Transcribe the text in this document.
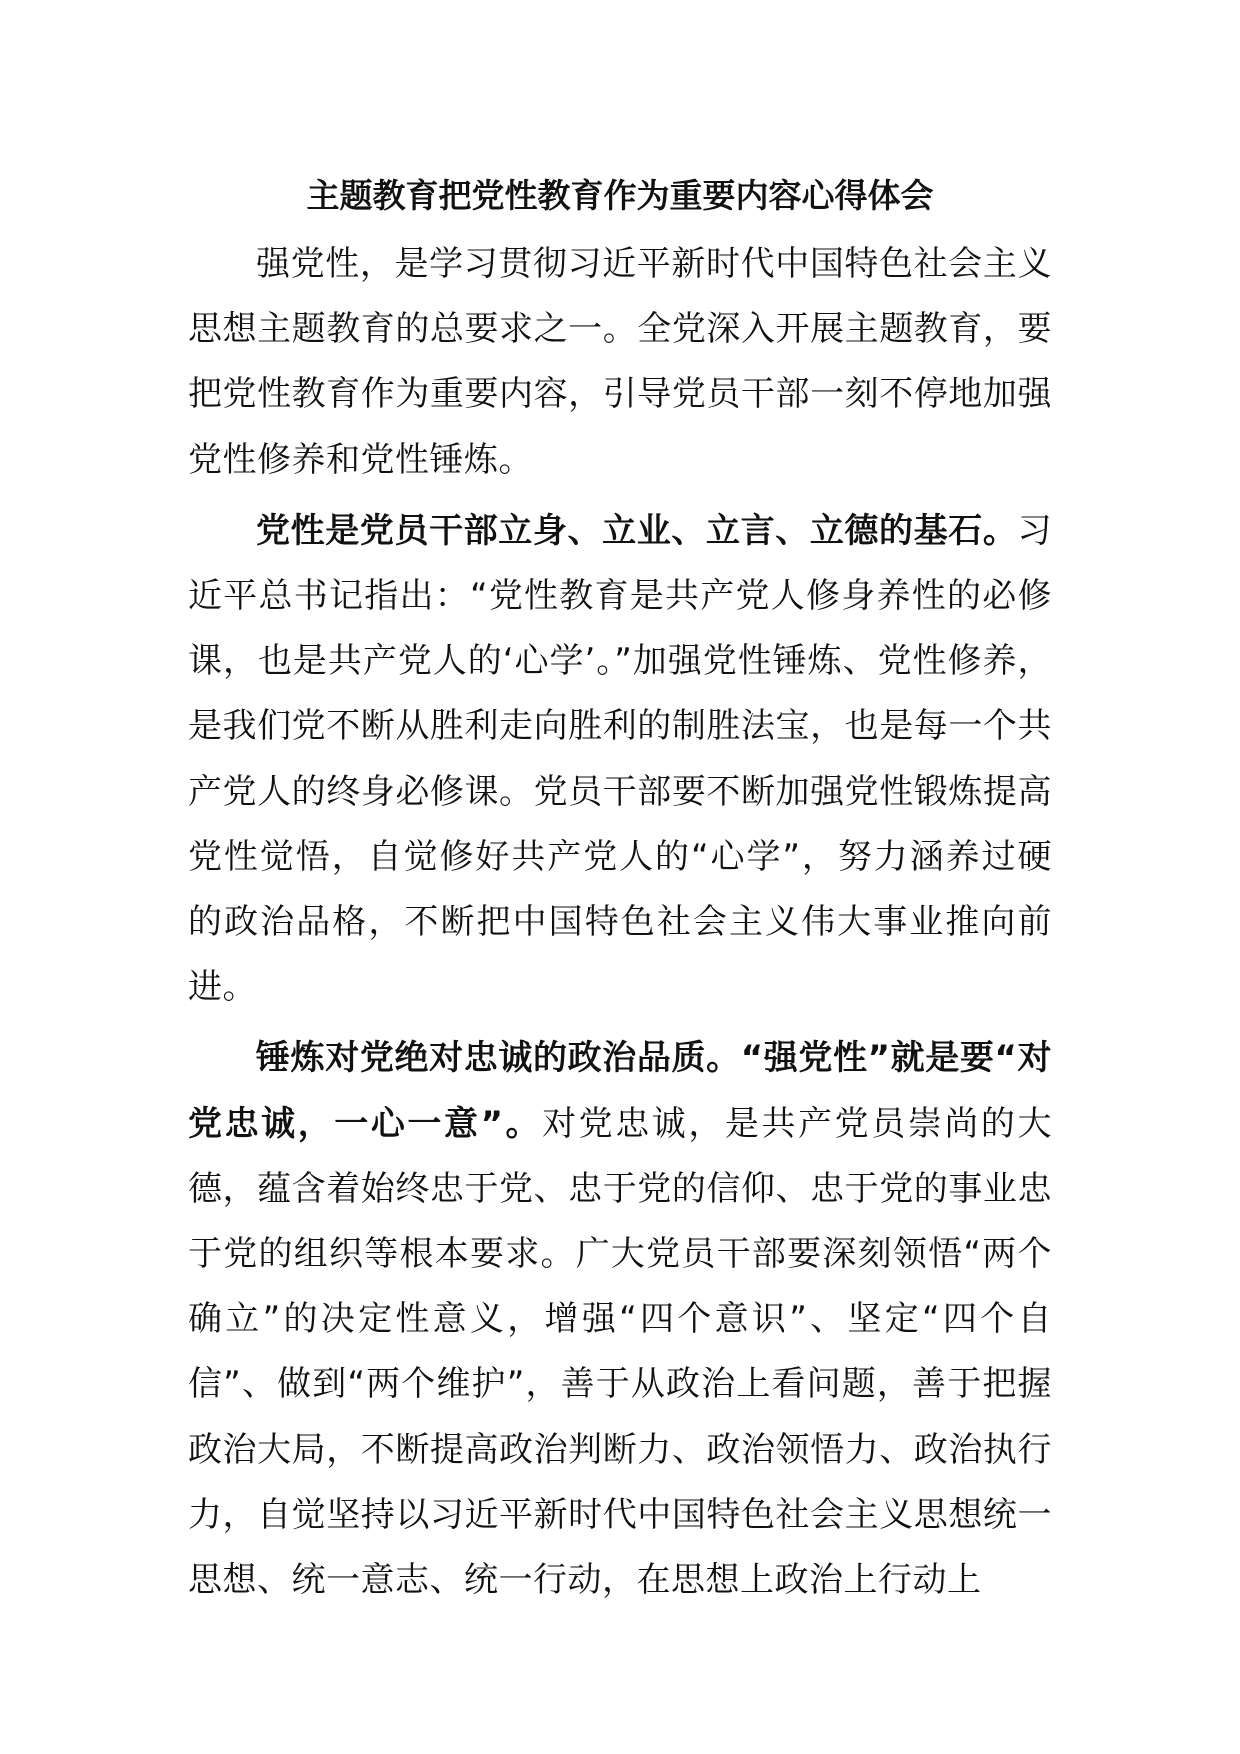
主题教育把党性教育作为重要内容心得体会

强党性，是学习贯彻习近平新时代中国特色社会主义思想主题教育的总要求之一。全党深入开展主题教育，要把党性教育作为重要内容，引导党员干部一刻不停地加强党性修养和党性锤炼。

党性是党员干部立身、立业、立言、立德的基石。习近平总书记指出：“党性教育是共产党人修身养性的必修课，也是共产党人的‘心学’。”加强党性锤炼、党性修养，是我们党不断从胜利走向胜利的制胜法宝，也是每一个共产党人的终身必修课。党员干部要不断加强党性锻炼提高党性觉悟，自觉修好共产党人的“心学”，努力涵养过硬的政治品格，不断把中国特色社会主义伟大事业推向前进。

锤炼对党绝对忠诚的政治品质。“强党性”就是要“对党忠诚，一心一意”。对党忠诚，是共产党员崇尚的大德，蕴含着始终忠于党、忠于党的信仰、忠于党的事业忠于党的组织等根本要求。广大党员干部要深刻领悟“两个确立”的决定性意义，增强“四个意识”、坚定“四个自信”、做到“两个维护”，善于从政治上看问题，善于把握政治大局，不断提高政治判断力、政治领悟力、政治执行力，自觉坚持以习近平新时代中国特色社会主义思想统一思想、统一意志、统一行动，在思想上政治上行动上
